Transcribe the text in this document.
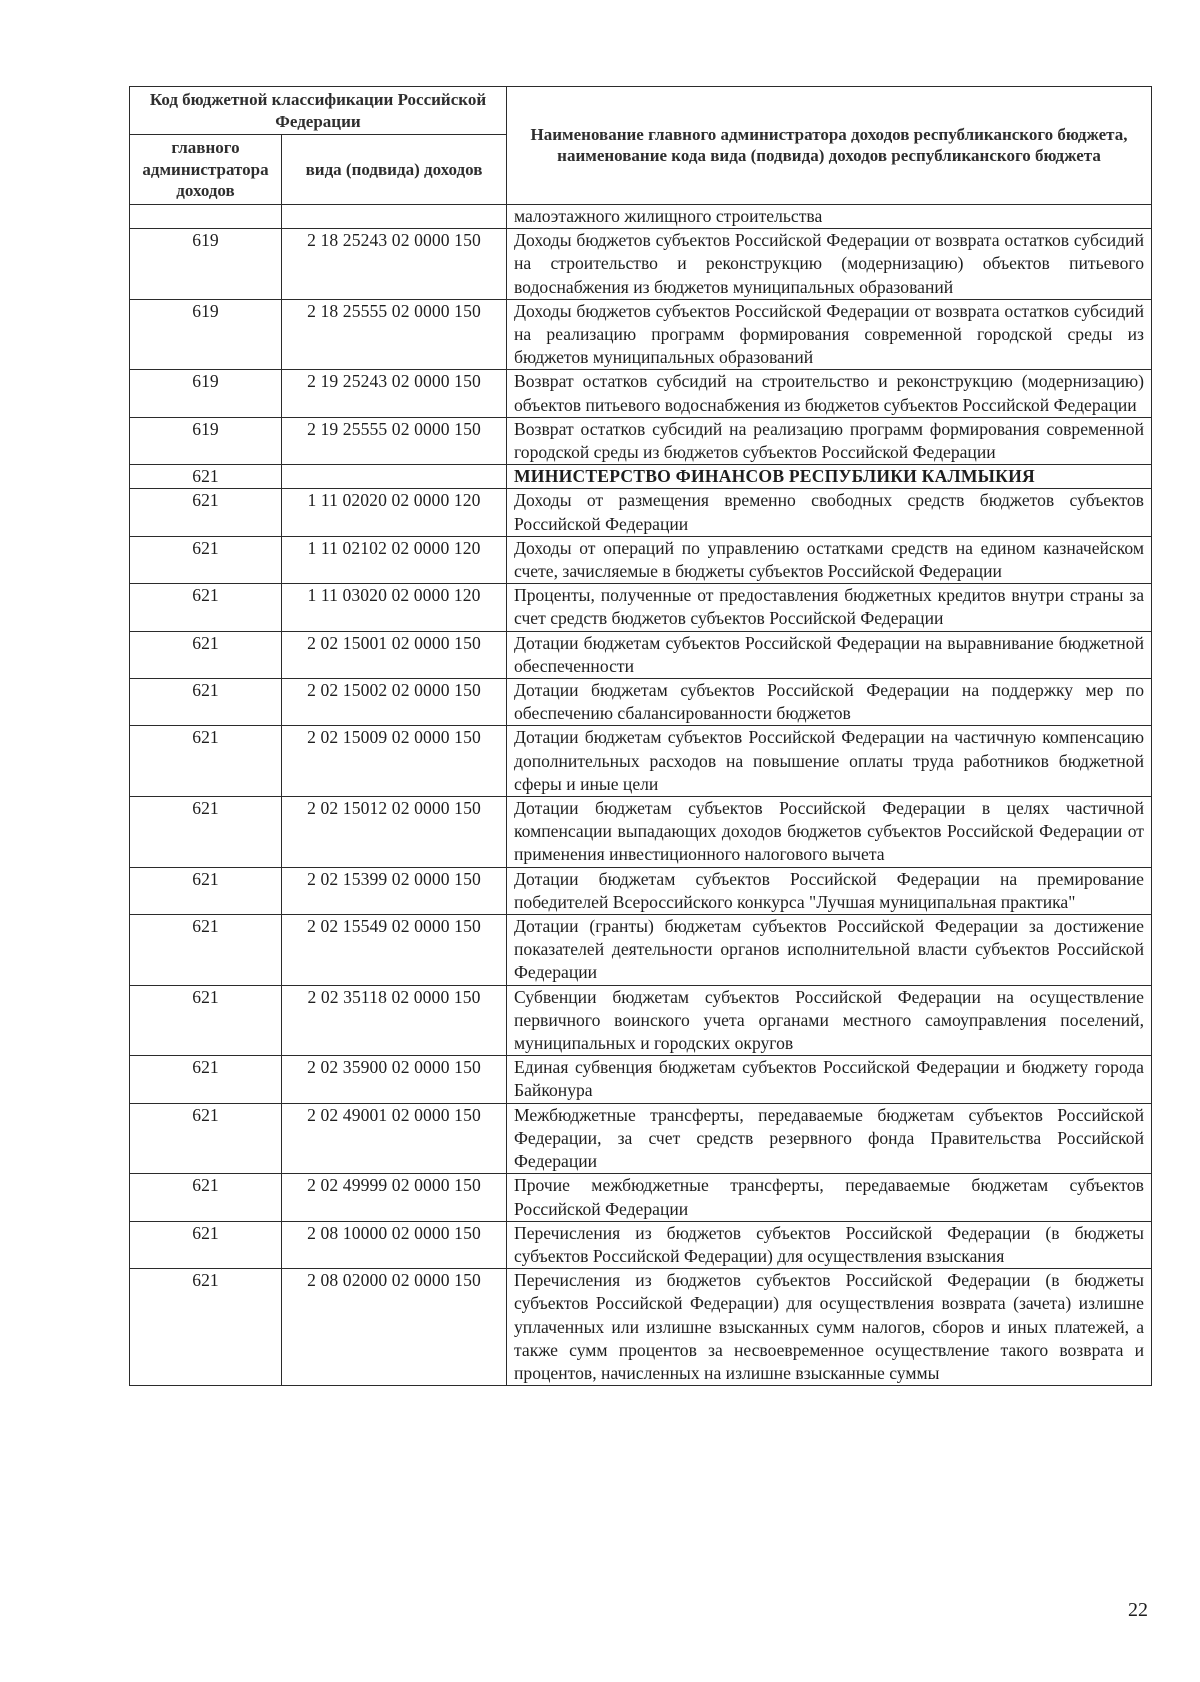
Код бюджетной классификации Российской Федерации		Наименование главного администратора доходов республиканского бюджета, наименование кода вида (подвида) доходов республиканского бюджета
главного администратора доходов	вида (подвида) доходов	
		малоэтажного жилищного строительства
619	2 18 25243 02 0000 150	Доходы бюджетов субъектов Российской Федерации от возврата остатков субсидий на строительство и реконструкцию (модернизацию) объектов питьевого водоснабжения из бюджетов муниципальных образований
619	2 18 25555 02 0000 150	Доходы бюджетов субъектов Российской Федерации от возврата остатков субсидий на реализацию программ формирования современной городской среды из бюджетов муниципальных образований
619	2 19 25243 02 0000 150	Возврат остатков субсидий на строительство и реконструкцию (модернизацию) объектов питьевого водоснабжения из бюджетов субъектов Российской Федерации
619	2 19 25555 02 0000 150	Возврат остатков субсидий на реализацию программ формирования современной городской среды из бюджетов субъектов Российской Федерации
621		МИНИСТЕРСТВО ФИНАНСОВ РЕСПУБЛИКИ КАЛМЫКИЯ
621	1 11 02020 02 0000 120	Доходы от размещения временно свободных средств бюджетов субъектов Российской Федерации
621	1 11 02102 02 0000 120	Доходы от операций по управлению остатками средств на едином казначейском счете, зачисляемые в бюджеты субъектов Российской Федерации
621	1 11 03020 02 0000 120	Проценты, полученные от предоставления бюджетных кредитов внутри страны за счет средств бюджетов субъектов Российской Федерации
621	2 02 15001 02 0000 150	Дотации бюджетам субъектов Российской Федерации на выравнивание бюджетной обеспеченности
621	2 02 15002 02 0000 150	Дотации бюджетам субъектов Российской Федерации на поддержку мер по обеспечению сбалансированности бюджетов
621	2 02 15009 02 0000 150	Дотации бюджетам субъектов Российской Федерации на частичную компенсацию дополнительных расходов на повышение оплаты труда работников бюджетной сферы и иные цели
621	2 02 15012 02 0000 150	Дотации бюджетам субъектов Российской Федерации в целях частичной компенсации выпадающих доходов бюджетов субъектов Российской Федерации от применения инвестиционного налогового вычета
621	2 02 15399 02 0000 150	Дотации бюджетам субъектов Российской Федерации на премирование победителей Всероссийского конкурса "Лучшая муниципальная практика"
621	2 02 15549 02 0000 150	Дотации (гранты) бюджетам субъектов Российской Федерации за достижение показателей деятельности органов исполнительной власти субъектов Российской Федерации
621	2 02 35118 02 0000 150	Субвенции бюджетам субъектов Российской Федерации на осуществление первичного воинского учета органами местного самоуправления поселений, муниципальных и городских округов
621	2 02 35900 02 0000 150	Единая субвенция бюджетам субъектов Российской Федерации и бюджету города Байконура
621	2 02 49001 02 0000 150	Межбюджетные трансферты, передаваемые бюджетам субъектов Российской Федерации, за счет средств резервного фонда Правительства Российской Федерации
621	2 02 49999 02 0000 150	Прочие межбюджетные трансферты, передаваемые бюджетам субъектов Российской Федерации
621	2 08 10000 02 0000 150	Перечисления из бюджетов субъектов Российской Федерации (в бюджеты субъектов Российской Федерации) для осуществления взыскания
621	2 08 02000 02 0000 150	Перечисления из бюджетов субъектов Российской Федерации (в бюджеты субъектов Российской Федерации) для осуществления возврата (зачета) излишне уплаченных или излишне взысканных сумм налогов, сборов и иных платежей, а также сумм процентов за несвоевременное осуществление такого возврата и процентов, начисленных на излишне взысканные суммы
22
